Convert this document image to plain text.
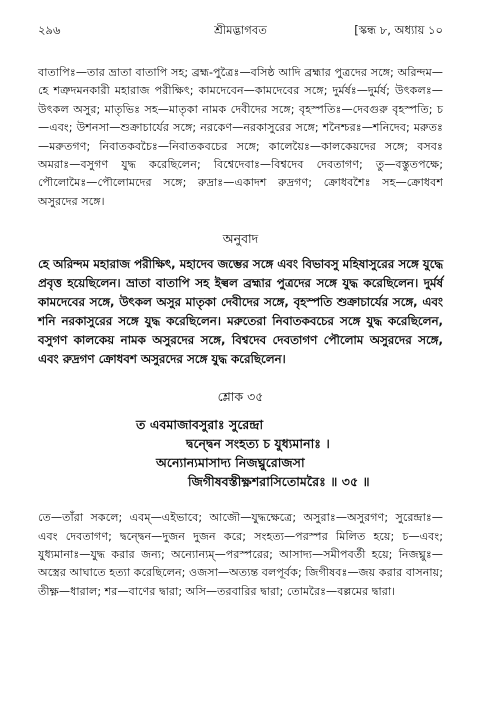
২৯৬	শ্রীমদ্ভাগবত	[স্কন্ধ ৮, অধ্যায় ১০

বাতাপিঃ—তার ভ্রাতা বাতাপি সহ; ব্রহ্ম-পুত্রৈঃ—বসিষ্ঠ আদি ব্রহ্মার পুত্রদের সঙ্গে; অরিন্দম—হে শত্রুদমনকারী মহারাজ পরীক্ষিৎ; কামদেবেন—কামদেবের সঙ্গে; দুর্মর্ষঃ—দুর্মর্ষ; উৎকলঃ—উৎকল অসুর; মাতৃভিঃ সহ—মাতৃকা নামক দেবীদের সঙ্গে; বৃহস্পতিঃ—দেবগুরু বৃহস্পতি; চ—এবং; উশনসা—শুক্রাচার্যের সঙ্গে; নরকেণ—নরকাসুরের সঙ্গে; শনৈশ্চরঃ—শনিদেব; মরুতঃ—মরুতগণ; নিবাতকবচৈঃ—নিবাতকবচের সঙ্গে; কালেয়ৈঃ—কালকেয়দের সঙ্গে; বসবঃ অমরাঃ—বসুগণ যুদ্ধ করেছিলেন; বিশ্বেদেবাঃ—বিশ্বদেব দেবতাগণ; তু—বস্তুতপক্ষে; পৌলোমৈঃ—পৌলোমদের সঙ্গে; রুদ্রাঃ—একাদশ রুদ্রগণ; ক্রোধবশৈঃ সহ—ক্রোধবশ অসুরদের সঙ্গে।

অনুবাদ

হে অরিন্দম মহারাজ পরীক্ষিৎ, মহাদেব জম্ভের সঙ্গে এবং বিভাবসু মহিষাসুরের সঙ্গে যুদ্ধে প্রবৃত্ত হয়েছিলেন। ভ্রাতা বাতাপি সহ ইল্বল ব্রহ্মার পুত্রদের সঙ্গে যুদ্ধ করেছিলেন। দুর্মর্ষ কামদেবের সঙ্গে, উৎকল অসুর মাতৃকা দেবীদের সঙ্গে, বৃহস্পতি শুক্রাচার্যের সঙ্গে, এবং শনি নরকাসুরের সঙ্গে যুদ্ধ করেছিলেন। মরুতেরা নিবাতকবচের সঙ্গে যুদ্ধ করেছিলেন, বসুগণ কালকেয় নামক অসুরদের সঙ্গে, বিশ্বদেব দেবতাগণ পৌলোম অসুরদের সঙ্গে, এবং রুদ্রগণ ক্রোধবশ অসুরদের সঙ্গে যুদ্ধ করেছিলেন।

শ্লোক ৩৫
ত এবমাজাবসুরাঃ সুরেন্দ্রা
দ্বন্দ্বেন সংহত্য চ যুধ্যমানাঃ ।
অন্যোন্যমাসাদ্য নিজঘ্নুরোজসা
জিগীষবস্তীক্ষ্ণশরাসিতোমরৈঃ ॥ ৩৫ ॥

তে—তাঁরা সকলে; এবম্—এইভাবে; আজৌ—যুদ্ধক্ষেত্রে; অসুরাঃ—অসুরগণ; সুরেন্দ্রাঃ—এবং দেবতাগণ; দ্বন্দ্বেন—দুজন দুজন করে; সংহত্য—পরস্পর মিলিত হয়ে; চ—এবং; যুধ্যমানাঃ—যুদ্ধ করার জন্য; অন্যোন্যম্—পরস্পরের; আসাদ্য—সমীপবর্তী হয়ে; নিজঘ্নুঃ—অস্ত্রের আঘাতে হত্যা করেছিলেন; ওজসা—অত্যন্ত বলপূর্বক; জিগীষবঃ—জয় করার বাসনায়; তীক্ষ্ণ—ধারাল; শর—বাণের দ্বারা; অসি—তরবারির দ্বারা; তোমরৈঃ—বল্লমের দ্বারা।
